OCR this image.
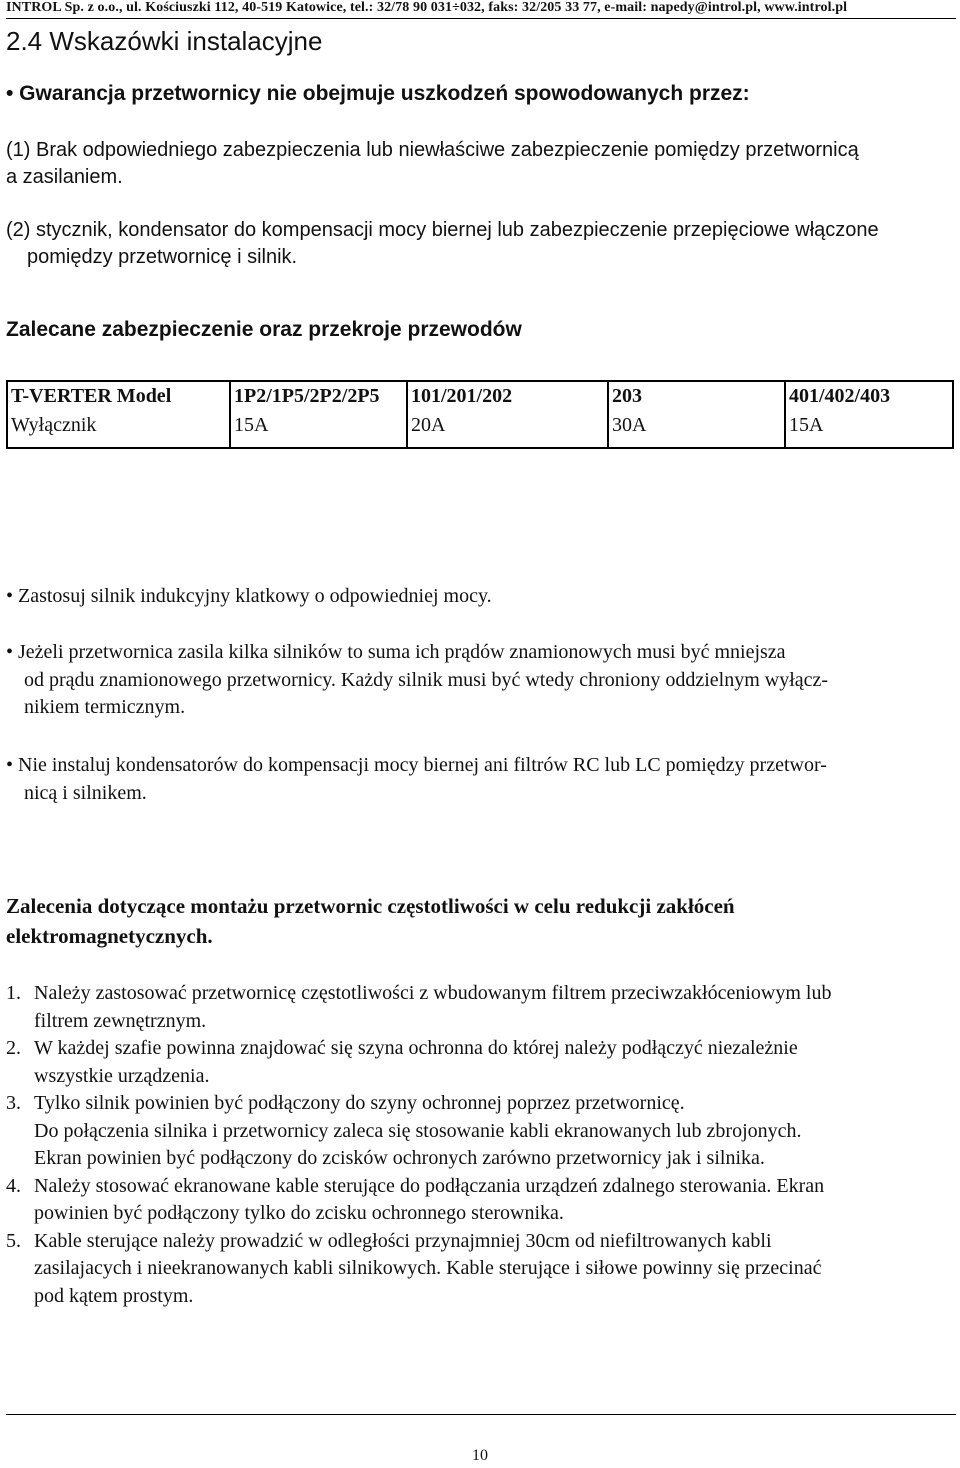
INTROL Sp. z o.o., ul. Kościuszki 112, 40-519 Katowice, tel.: 32/78 90 031÷032, faks: 32/205 33 77, e-mail: napedy@introl.pl, www.introl.pl
2.4 Wskazówki instalacyjne
• Gwarancja przetwornicy nie obejmuje uszkodzeń spowodowanych przez:
(1) Brak odpowiedniego zabezpieczenia lub niewłaściwe zabezpieczenie pomiędzy przetwornicą
a zasilaniem.
(2) stycznik, kondensator do kompensacji mocy biernej lub zabezpieczenie przepięciowe włączone
pomiędzy przetwornicę i silnik.
Zalecane zabezpieczenie oraz przekroje przewodów
T-VERTER Model	1P2/1P5/2P2/2P5	101/201/202	203	401/402/403
Wyłącznik	15A	20A	30A	15A
• Zastosuj silnik indukcyjny klatkowy o odpowiedniej mocy.
• Jeżeli przetwornica zasila kilka silników to suma ich prądów znamionowych musi być mniejsza
od prądu znamionowego przetwornicy. Każdy silnik musi być wtedy chroniony oddzielnym wyłącz-
nikiem termicznym.
• Nie instaluj kondensatorów do kompensacji mocy biernej ani filtrów RC lub LC pomiędzy przetwor-
nicą i silnikem.
Zalecenia dotyczące montażu przetwornic częstotliwości w celu redukcji zakłóceń
elektromagnetycznych.
1. Należy zastosować przetwornicę częstotliwości z wbudowanym filtrem przeciwzakłóceniowym lub
filtrem zewnętrznym.
2. W każdej szafie powinna znajdować się szyna ochronna do której należy podłączyć niezależnie
wszystkie urządzenia.
3. Tylko silnik powinien być podłączony do szyny ochronnej poprzez przetwornicę.
Do połączenia silnika i przetwornicy zaleca się stosowanie kabli ekranowanych lub zbrojonych.
Ekran powinien być podłączony do zcisków ochronych zarówno przetwornicy jak i silnika.
4. Należy stosować ekranowane kable sterujące do podłączania urządzeń zdalnego sterowania. Ekran
powinien być podłączony tylko do zcisku ochronnego sterownika.
5. Kable sterujące należy prowadzić w odległości przynajmniej 30cm od niefiltrowanych kabli
zasilajacych i nieekranowanych kabli silnikowych. Kable sterujące i siłowe powinny się przecinać
pod kątem prostym.
10
